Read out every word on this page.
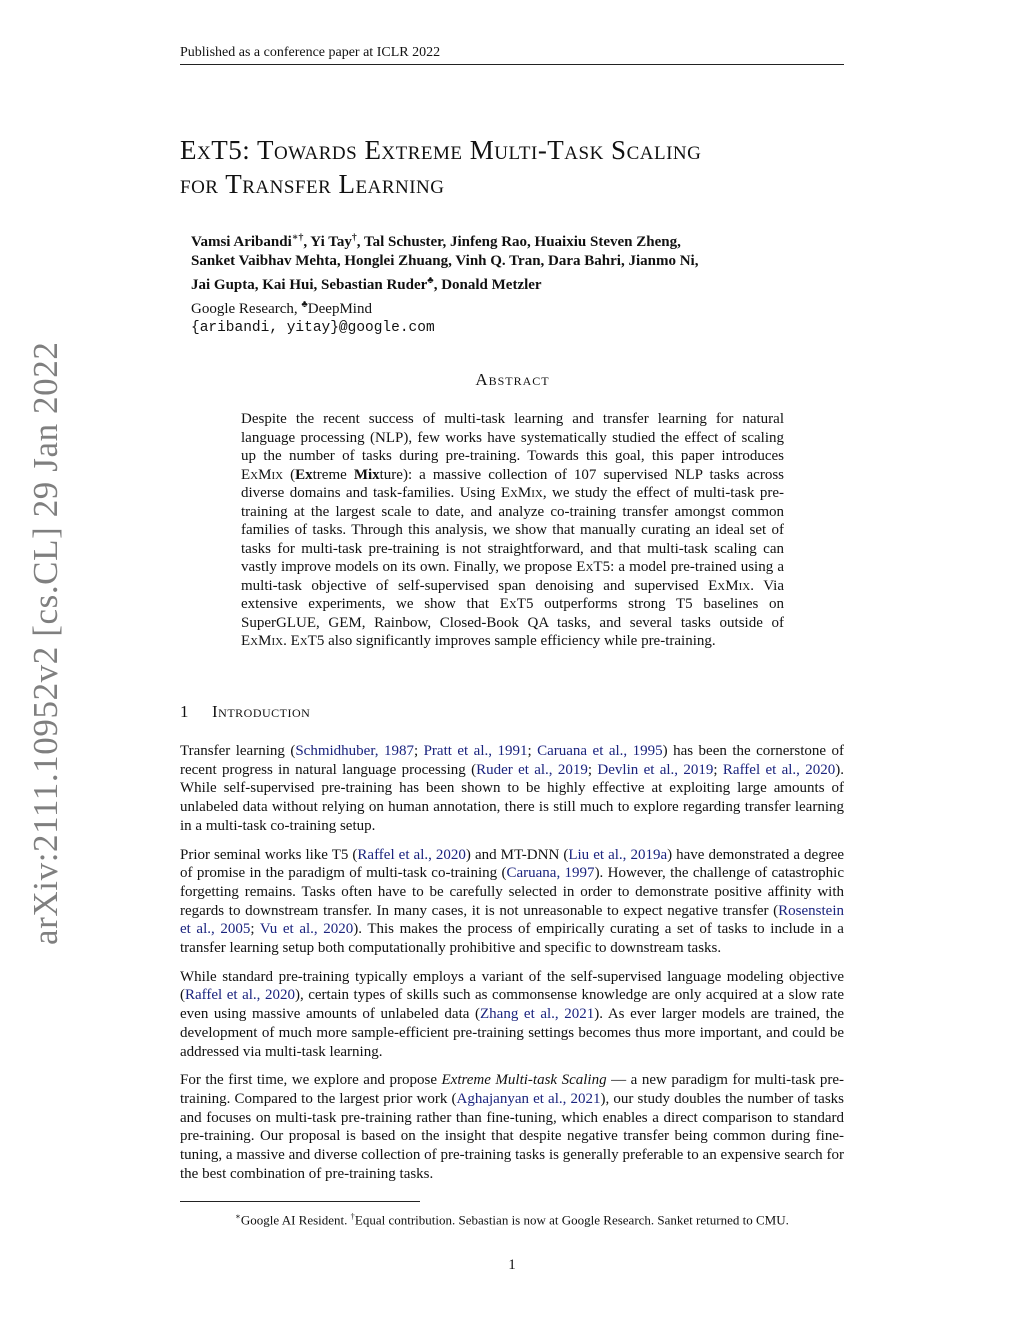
Published as a conference paper at ICLR 2022
arXiv:2111.10952v2 [cs.CL] 29 Jan 2022
ExT5: Towards Extreme Multi-Task Scaling
for Transfer Learning
Vamsi Aribandi∗†, Yi Tay†, Tal Schuster, Jinfeng Rao, Huaixiu Steven Zheng,
Sanket Vaibhav Mehta, Honglei Zhuang, Vinh Q. Tran, Dara Bahri, Jianmo Ni,
Jai Gupta, Kai Hui, Sebastian Ruder♣, Donald Metzler
Google Research, ♣DeepMind
{aribandi, yitay}@google.com
Abstract

Despite the recent success of multi-task learning and transfer learning for natural language processing (NLP), few works have systematically studied the effect of scaling up the number of tasks during pre-training. Towards this goal, this paper introduces ExMix (Extreme Mixture): a massive collection of 107 supervised NLP tasks across diverse domains and task-families. Using ExMix, we study the effect of multi-task pre-training at the largest scale to date, and analyze co-training transfer amongst common families of tasks. Through this analysis, we show that manually curating an ideal set of tasks for multi-task pre-training is not straightforward, and that multi-task scaling can vastly improve models on its own. Finally, we propose ExT5: a model pre-trained using a multi-task objective of self-supervised span denoising and supervised ExMix. Via extensive experiments, we show that ExT5 outperforms strong T5 baselines on SuperGLUE, GEM, Rainbow, Closed-Book QA tasks, and several tasks outside of ExMix. ExT5 also significantly improves sample efficiency while pre-training.

1 Introduction

Transfer learning (Schmidhuber, 1987; Pratt et al., 1991; Caruana et al., 1995) has been the cornerstone of recent progress in natural language processing (Ruder et al., 2019; Devlin et al., 2019; Raffel et al., 2020). While self-supervised pre-training has been shown to be highly effective at exploiting large amounts of unlabeled data without relying on human annotation, there is still much to explore regarding transfer learning in a multi-task co-training setup.

Prior seminal works like T5 (Raffel et al., 2020) and MT-DNN (Liu et al., 2019a) have demonstrated a degree of promise in the paradigm of multi-task co-training (Caruana, 1997). However, the challenge of catastrophic forgetting remains. Tasks often have to be carefully selected in order to demonstrate positive affinity with regards to downstream transfer. In many cases, it is not unreasonable to expect negative transfer (Rosenstein et al., 2005; Vu et al., 2020). This makes the process of empirically curating a set of tasks to include in a transfer learning setup both computationally prohibitive and specific to downstream tasks.

While standard pre-training typically employs a variant of the self-supervised language modeling objective (Raffel et al., 2020), certain types of skills such as commonsense knowledge are only acquired at a slow rate even using massive amounts of unlabeled data (Zhang et al., 2021). As ever larger models are trained, the development of much more sample-efficient pre-training settings becomes thus more important, and could be addressed via multi-task learning.

For the first time, we explore and propose Extreme Multi-task Scaling — a new paradigm for multi-task pre-training. Compared to the largest prior work (Aghajanyan et al., 2021), our study doubles the number of tasks and focuses on multi-task pre-training rather than fine-tuning, which enables a direct comparison to standard pre-training. Our proposal is based on the insight that despite negative transfer being common during fine-tuning, a massive and diverse collection of pre-training tasks is generally preferable to an expensive search for the best combination of pre-training tasks.

∗Google AI Resident. †Equal contribution. Sebastian is now at Google Research. Sanket returned to CMU.
1
